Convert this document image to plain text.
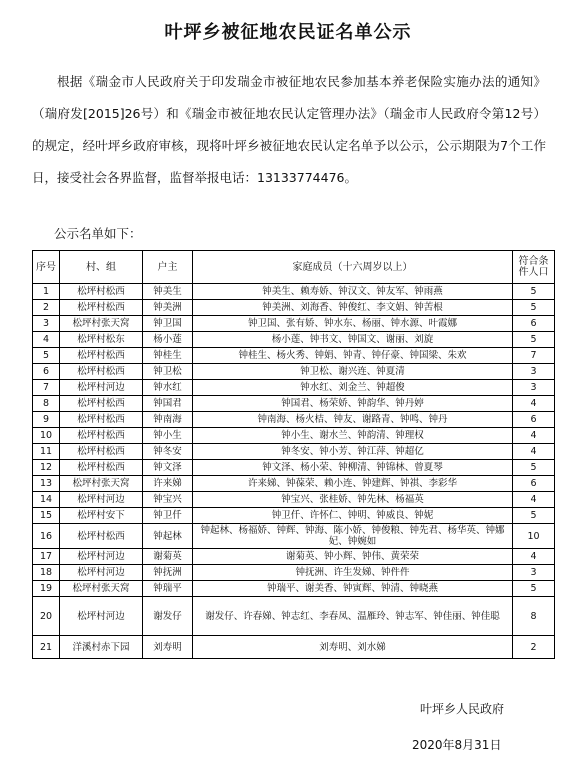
叶坪乡被征地农民证名单公示

根据《瑞金市人民政府关于印发瑞金市被征地农民参加基本养老保险实施办法的通知》（瑞府发[2015]26号）和《瑞金市被征地农民认定管理办法》（瑞金市人民政府令第12号）的规定，经叶坪乡政府审核，现将叶坪乡被征地农民认定名单予以公示，公示期限为7个工作日，接受社会各界监督，监督举报电话：13133774476。

公示名单如下：
序号	村、组	户主	家庭成员（十六周岁以上）	符合条件人口
1	松坪村松西	钟美生	钟美生、赖寿娇、钟汉文、钟友军、钟雨燕	5
2	松坪村松西	钟美洲	钟美洲、刘海香、钟俊红、李文娟、钟苦根	5
3	松坪村张天窝	钟卫国	钟卫国、张有娇、钟水东、杨丽、钟水源、叶霞娜	6
4	松坪村松东	杨小莲	杨小莲、钟书文、钟国文、谢丽、刘旋	5
5	松坪村松西	钟桂生	钟桂生、杨火秀、钟娟、钟青、钟仔豪、钟国梁、朱欢	7
6	松坪村松西	钟卫松	钟卫松、谢兴连、钟夏清	3
7	松坪村河边	钟水红	钟水红、刘金兰、钟超俊	3
8	松坪村松西	钟国君	钟国君、杨荣娇、钟韵华、钟丹婷	4
9	松坪村松西	钟南海	钟南海、杨火桔、钟友、谢路青、钟鸣、钟丹	6
10	松坪村松西	钟小生	钟小生、谢水兰、钟韵清、钟理权	4
11	松坪村松西	钟冬安	钟冬安、钟小芳、钟江萍、钟超亿	4
12	松坪村松西	钟文泽	钟文泽、杨小荣、钟柳清、钟锦林、曾夏琴	5
13	松坪村张天窝	许来娣	许来娣、钟葆荣、赖小连、钟建辉、钟祺、李彩华	6
14	松坪村河边	钟宝兴	钟宝兴、张桂娇、钟先林、杨福英	4
15	松坪村安下	钟卫仟	钟卫仟、许怀仁、钟明、钟威良、钟妮	5
16	松坪村松西	钟起林	钟起林、杨福娇、钟辉、钟海、陈小娇、钟俊粮、钟先君、杨华英、钟娜妃、钟婉如	10
17	松坪村河边	谢菊英	谢菊英、钟小辉、钟伟、黄荣荣	4
18	松坪村河边	钟抚洲	钟抚洲、许生发娣、钟件件	3
19	松坪村张天窝	钟瑞平	钟瑞平、谢美香、钟寅辉、钟清、钟晓燕	5
20	松坪村河边	谢发仔	谢发仔、许春娣、钟志红、李春凤、温雁玲、钟志军、钟佳丽、钟佳聪	8
21	洋溪村赤下园	刘寿明	刘寿明、刘水娣	2
叶坪乡人民政府
2020年8月31日
